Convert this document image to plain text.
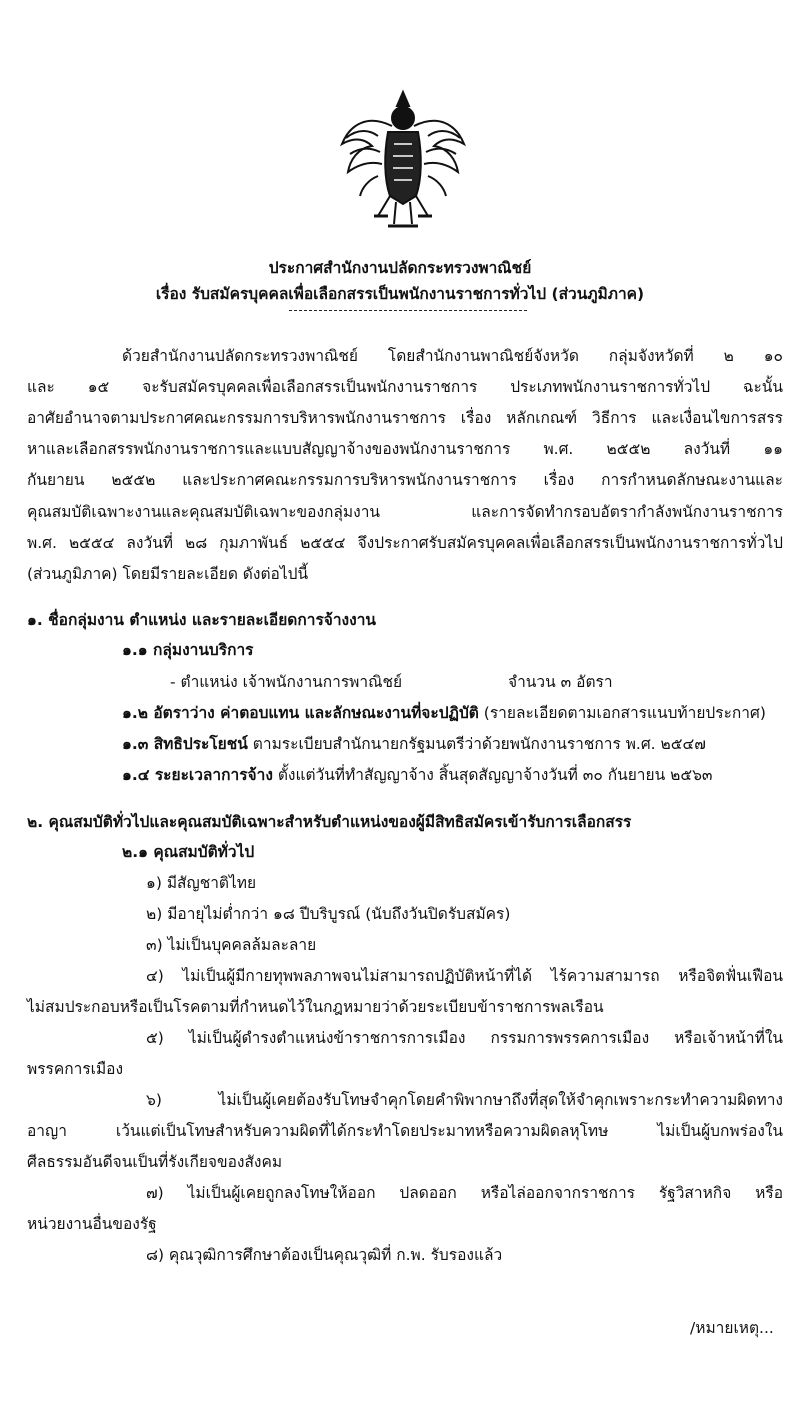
ประกาศสำนักงานปลัดกระทรวงพาณิชย์
เรื่อง รับสมัครบุคคลเพื่อเลือกสรรเป็นพนักงานราชการทั่วไป (ส่วนภูมิภาค)
ด้วยสำนักงานปลัดกระทรวงพาณิชย์ โดยสำนักงานพาณิชย์จังหวัด กลุ่มจังหวัดที่ ๒ ๑๐
และ ๑๕ จะรับสมัครบุคคลเพื่อเลือกสรรเป็นพนักงานราชการ ประเภทพนักงานราชการทั่วไป ฉะนั้น
อาศัยอำนาจตามประกาศคณะกรรมการบริหารพนักงานราชการ เรื่อง หลักเกณฑ์ วิธีการ และเงื่อนไขการสรร
หาและเลือกสรรพนักงานราชการและแบบสัญญาจ้างของพนักงานราชการ พ.ศ. ๒๕๕๒ ลงวันที่ ๑๑
กันยายน ๒๕๕๒ และประกาศคณะกรรมการบริหารพนักงานราชการ เรื่อง การกำหนดลักษณะงานและ
คุณสมบัติเฉพาะงานและคุณสมบัติเฉพาะของกลุ่มงาน และการจัดทำกรอบอัตรากำลังพนักงานราชการ
พ.ศ. ๒๕๕๔ ลงวันที่ ๒๘ กุมภาพันธ์ ๒๕๕๔ จึงประกาศรับสมัครบุคคลเพื่อเลือกสรรเป็นพนักงานราชการทั่วไป
(ส่วนภูมิภาค) โดยมีรายละเอียด ดังต่อไปนี้
๑. ชื่อกลุ่มงาน ตำแหน่ง และรายละเอียดการจ้างงาน
๑.๑ กลุ่มงานบริการ
- ตำแหน่ง เจ้าพนักงานการพาณิชย์	จำนวน ๓ อัตรา
๑.๒ อัตราว่าง ค่าตอบแทน และลักษณะงานที่จะปฏิบัติ (รายละเอียดตามเอกสารแนบท้ายประกาศ)
๑.๓ สิทธิประโยชน์ ตามระเบียบสำนักนายกรัฐมนตรีว่าด้วยพนักงานราชการ พ.ศ. ๒๕๔๗
๑.๔ ระยะเวลาการจ้าง ตั้งแต่วันที่ทำสัญญาจ้าง สิ้นสุดสัญญาจ้างวันที่ ๓๐ กันยายน ๒๕๖๓
๒. คุณสมบัติทั่วไปและคุณสมบัติเฉพาะสำหรับตำแหน่งของผู้มีสิทธิสมัครเข้ารับการเลือกสรร
๒.๑ คุณสมบัติทั่วไป
๑) มีสัญชาติไทย
๒) มีอายุไม่ต่ำกว่า ๑๘ ปีบริบูรณ์ (นับถึงวันปิดรับสมัคร)
๓) ไม่เป็นบุคคลล้มละลาย
๔) ไม่เป็นผู้มีกายทุพพลภาพจนไม่สามารถปฏิบัติหน้าที่ได้ ไร้ความสามารถ หรือจิตฟั่นเฟือน
ไม่สมประกอบหรือเป็นโรคตามที่กำหนดไว้ในกฎหมายว่าด้วยระเบียบข้าราชการพลเรือน
๕) ไม่เป็นผู้ดำรงตำแหน่งข้าราชการการเมือง กรรมการพรรคการเมือง หรือเจ้าหน้าที่ใน
พรรคการเมือง
๖) ไม่เป็นผู้เคยต้องรับโทษจำคุกโดยคำพิพากษาถึงที่สุดให้จำคุกเพราะกระทำความผิดทาง
อาญา เว้นแต่เป็นโทษสำหรับความผิดที่ได้กระทำโดยประมาทหรือความผิดลหุโทษ ไม่เป็นผู้บกพร่องใน
ศีลธรรมอันดีจนเป็นที่รังเกียจของสังคม
๗) ไม่เป็นผู้เคยถูกลงโทษให้ออก ปลดออก หรือไล่ออกจากราชการ รัฐวิสาหกิจ หรือ
หน่วยงานอื่นของรัฐ
๘) คุณวุฒิการศึกษาต้องเป็นคุณวุฒิที่ ก.พ. รับรองแล้ว
/หมายเหตุ...
